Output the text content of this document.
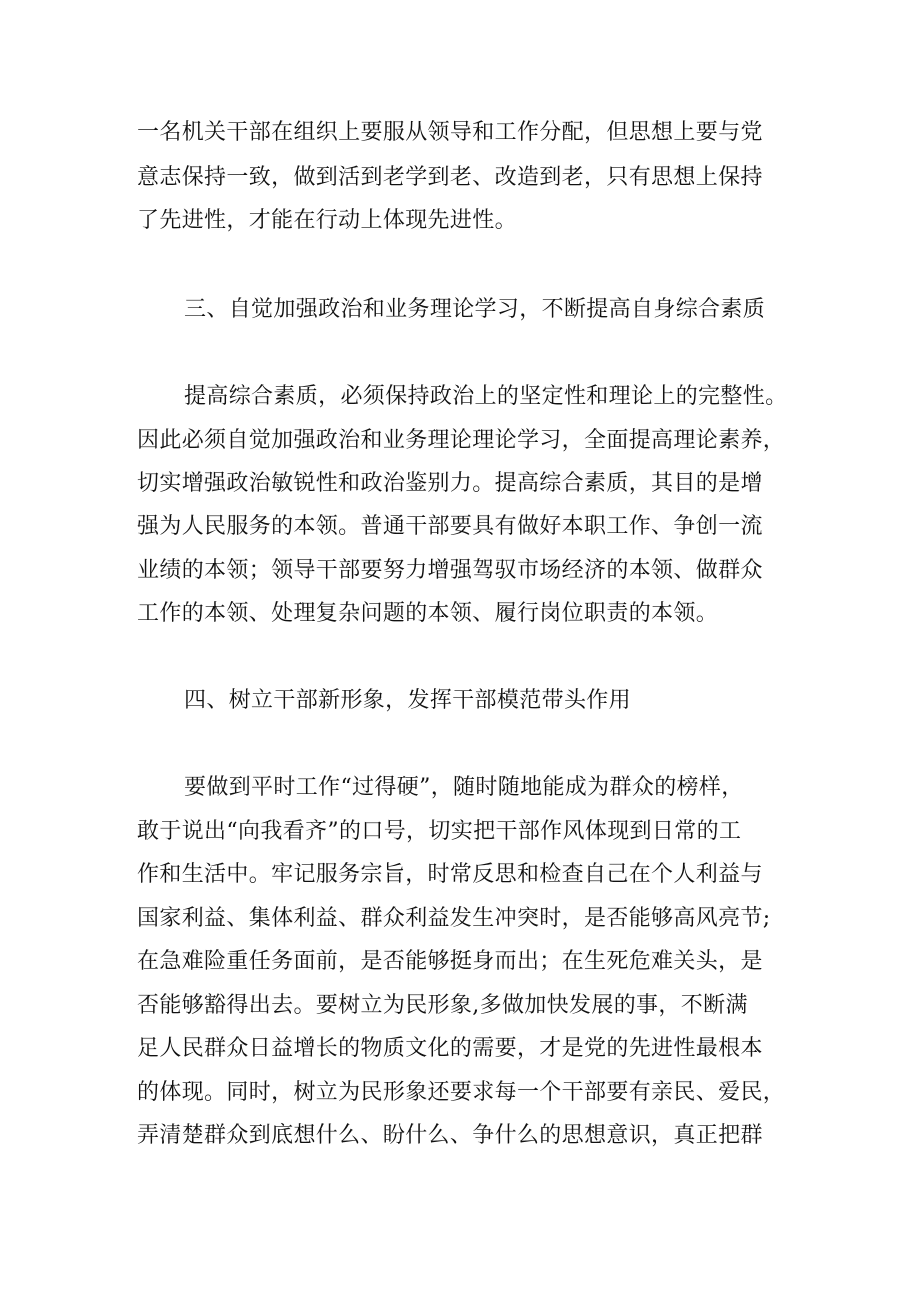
一名机关干部在组织上要服从领导和工作分配，但思想上要与党
意志保持一致，做到活到老学到老、改造到老，只有思想上保持
了先进性，才能在行动上体现先进性。
三、自觉加强政治和业务理论学习，不断提高自身综合素质
提高综合素质，必须保持政治上的坚定性和理论上的完整性。
因此必须自觉加强政治和业务理论理论学习，全面提高理论素养，
切实增强政治敏锐性和政治鉴别力。提高综合素质，其目的是增
强为人民服务的本领。普通干部要具有做好本职工作、争创一流
业绩的本领；领导干部要努力增强驾驭市场经济的本领、做群众
工作的本领、处理复杂问题的本领、履行岗位职责的本领。
四、树立干部新形象，发挥干部模范带头作用
要做到平时工作“过得硬”，随时随地能成为群众的榜样，
敢于说出“向我看齐”的口号，切实把干部作风体现到日常的工
作和生活中。牢记服务宗旨，时常反思和检查自己在个人利益与
国家利益、集体利益、群众利益发生冲突时，是否能够高风亮节;
在急难险重任务面前，是否能够挺身而出；在生死危难关头，是
否能够豁得出去。要树立为民形象,多做加快发展的事，不断满
足人民群众日益增长的物质文化的需要，才是党的先进性最根本
的体现。同时，树立为民形象还要求每一个干部要有亲民、爱民，
弄清楚群众到底想什么、盼什么、争什么的思想意识，真正把群
